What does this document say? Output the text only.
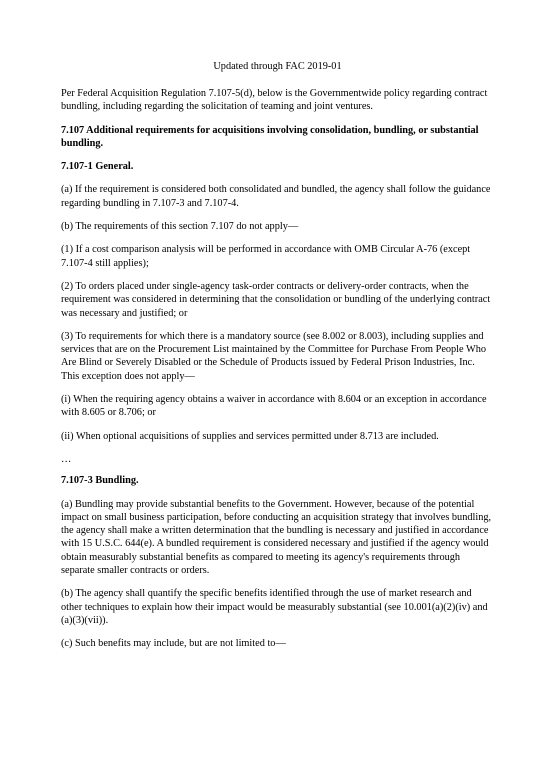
Updated through FAC 2019-01

Per Federal Acquisition Regulation 7.107-5(d), below is the Governmentwide policy regarding contract bundling, including regarding the solicitation of teaming and joint ventures.

7.107 Additional requirements for acquisitions involving consolidation, bundling, or substantial bundling.
7.107-1 General.

(a) If the requirement is considered both consolidated and bundled, the agency shall follow the guidance regarding bundling in 7.107-3 and 7.107-4.

(b) The requirements of this section 7.107 do not apply—

(1) If a cost comparison analysis will be performed in accordance with OMB Circular A-76 (except 7.107-4 still applies);

(2) To orders placed under single-agency task-order contracts or delivery-order contracts, when the requirement was considered in determining that the consolidation or bundling of the underlying contract was necessary and justified; or

(3) To requirements for which there is a mandatory source (see 8.002 or 8.003), including supplies and services that are on the Procurement List maintained by the Committee for Purchase From People Who Are Blind or Severely Disabled or the Schedule of Products issued by Federal Prison Industries, Inc. This exception does not apply—

(i) When the requiring agency obtains a waiver in accordance with 8.604 or an exception in accordance with 8.605 or 8.706; or

(ii) When optional acquisitions of supplies and services permitted under 8.713 are included.

…

7.107-3 Bundling.

(a) Bundling may provide substantial benefits to the Government. However, because of the potential impact on small business participation, before conducting an acquisition strategy that involves bundling, the agency shall make a written determination that the bundling is necessary and justified in accordance with 15 U.S.C. 644(e). A bundled requirement is considered necessary and justified if the agency would obtain measurably substantial benefits as compared to meeting its agency's requirements through separate smaller contracts or orders.

(b) The agency shall quantify the specific benefits identified through the use of market research and other techniques to explain how their impact would be measurably substantial (see 10.001(a)(2)(iv) and (a)(3)(vii)).

(c) Such benefits may include, but are not limited to—
